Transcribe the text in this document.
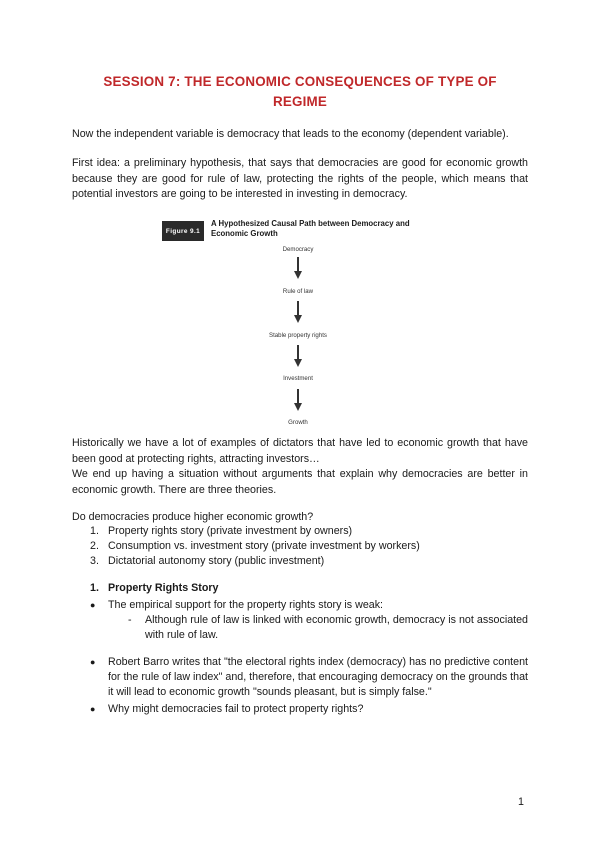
SESSION 7: THE ECONOMIC CONSEQUENCES OF TYPE OF
REGIME
Now the independent variable is democracy that leads to the economy (dependent variable).
First idea: a preliminary hypothesis, that says that democracies are good for economic growth because they are good for rule of law, protecting the rights of the people, which means that potential investors are going to be interested in investing in democracy.
Figure 9.1
A Hypothesized Causal Path between Democracy and Economic Growth
Democracy
Rule of law
Stable property rights
Investment
Growth
Historically we have a lot of examples of dictators that have led to economic growth that have been good at protecting rights, attracting investors…
We end up having a situation without arguments that explain why democracies are better in economic growth. There are three theories.
Do democracies produce higher economic growth?
1. Property rights story (private investment by owners)
2. Consumption vs. investment story (private investment by workers)
3. Dictatorial autonomy story (public investment)
1. Property Rights Story
●	The empirical support for the property rights story is weak:
-	Although rule of law is linked with economic growth, democracy is not associated with rule of law.
●	Robert Barro writes that "the electoral rights index (democracy) has no predictive content for the rule of law index" and, therefore, that encouraging democracy on the grounds that it will lead to economic growth "sounds pleasant, but is simply false."
●	Why might democracies fail to protect property rights?
1
